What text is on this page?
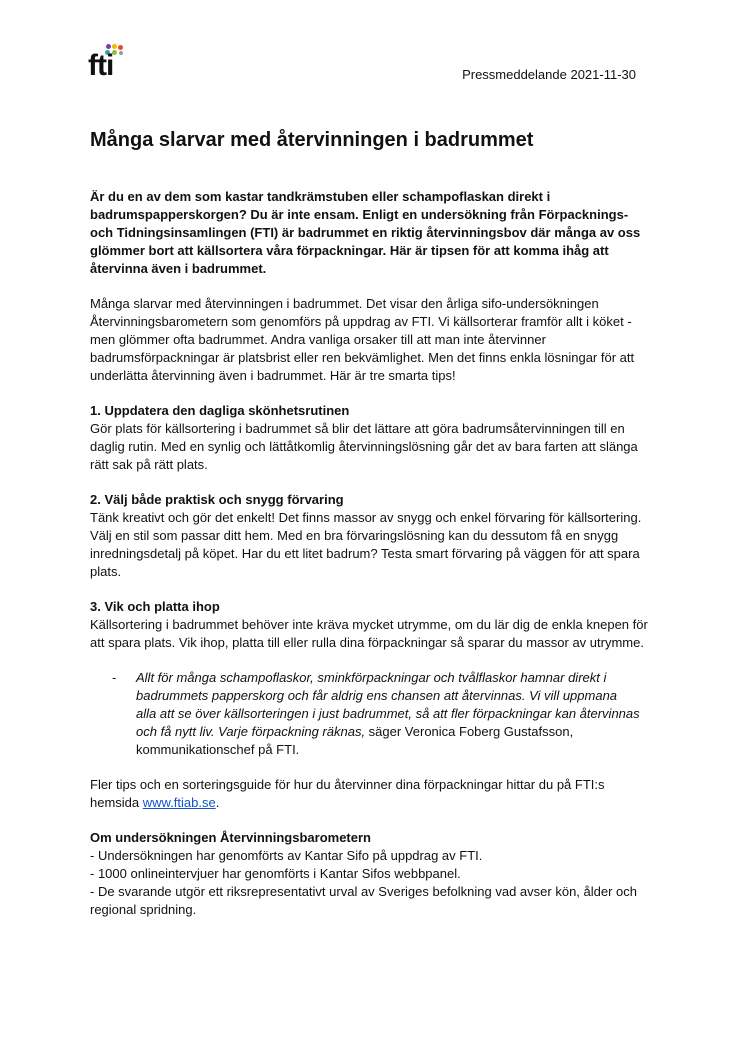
fti	Pressmeddelande 2021-11-30
Många slarvar med återvinningen i badrummet

Är du en av dem som kastar tandkrämstuben eller schampoflaskan direkt i badrumspapperskorgen? Du är inte ensam. Enligt en undersökning från Förpacknings- och Tidningsinsamlingen (FTI) är badrummet en riktig återvinningsbov där många av oss glömmer bort att källsortera våra förpackningar. Här är tipsen för att komma ihåg att återvinna även i badrummet.

Många slarvar med återvinningen i badrummet. Det visar den årliga sifo-undersökningen Återvinningsbarometern som genomförs på uppdrag av FTI. Vi källsorterar framför allt i köket - men glömmer ofta badrummet. Andra vanliga orsaker till att man inte återvinner badrumsförpackningar är platsbrist eller ren bekvämlighet. Men det finns enkla lösningar för att underlätta återvinning även i badrummet. Här är tre smarta tips!

1. Uppdatera den dagliga skönhetsrutinen
Gör plats för källsortering i badrummet så blir det lättare att göra badrumsåtervinningen till en daglig rutin. Med en synlig och lättåtkomlig återvinningslösning går det av bara farten att slänga rätt sak på rätt plats.

2. Välj både praktisk och snygg förvaring
Tänk kreativt och gör det enkelt! Det finns massor av snygg och enkel förvaring för källsortering. Välj en stil som passar ditt hem. Med en bra förvaringslösning kan du dessutom få en snygg inredningsdetalj på köpet. Har du ett litet badrum? Testa smart förvaring på väggen för att spara plats.

3. Vik och platta ihop
Källsortering i badrummet behöver inte kräva mycket utrymme, om du lär dig de enkla knepen för att spara plats. Vik ihop, platta till eller rulla dina förpackningar så sparar du massor av utrymme.

-	Allt för många schampoflaskor, sminkförpackningar och tvålflaskor hamnar direkt i badrummets papperskorg och får aldrig ens chansen att återvinnas. Vi vill uppmana alla att se över källsorteringen i just badrummet, så att fler förpackningar kan återvinnas och få nytt liv. Varje förpackning räknas, säger Veronica Foberg Gustafsson, kommunikationschef på FTI.

Fler tips och en sorteringsguide för hur du återvinner dina förpackningar hittar du på FTI:s hemsida www.ftiab.se.

Om undersökningen Återvinningsbarometern
- Undersökningen har genomförts av Kantar Sifo på uppdrag av FTI.
- 1000 onlineintervjuer har genomförts i Kantar Sifos webbpanel.
- De svarande utgör ett riksrepresentativt urval av Sveriges befolkning vad avser kön, ålder och regional spridning.
